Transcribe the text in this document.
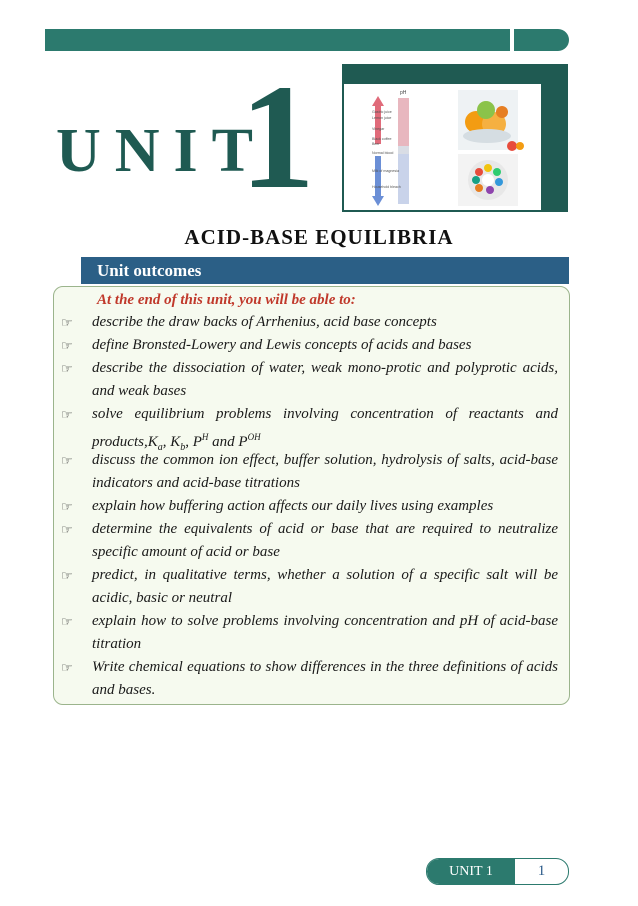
UNIT
1	pH
Gastric juice
Lemon juice
Vinegar
Black coffee
Beer
Normal blood
Milk of magnesia
Household bleach
ACID-BASE EQUILIBRIA
Unit outcomes
At the end of this unit, you will be able to:
☞ describe the draw backs of Arrhenius, acid base concepts
☞ define Bronsted-Lowery and Lewis concepts of acids and bases
☞ describe the dissociation of water, weak mono-protic and polyprotic acids, and weak bases
☞ solve equilibrium problems involving concentration of reactants and $products,K_a$, $K_b$, $P^H$ and $P^{OH}$
☞ discuss the common ion effect, buffer solution, hydrolysis of salts, acid-base indicators and acid-base titrations
☞ explain how buffering action affects our daily lives using examples
☞ determine the equivalents of acid or base that are required to neutralize specific amount of acid or base
☞ predict, in qualitative terms, whether a solution of a specific salt will be acidic, basic or neutral
☞ explain how to solve problems involving concentration and pH of acid-base titration
☞ Write chemical equations to show differences in the three definitions of acids and bases.
UNIT 1	1
